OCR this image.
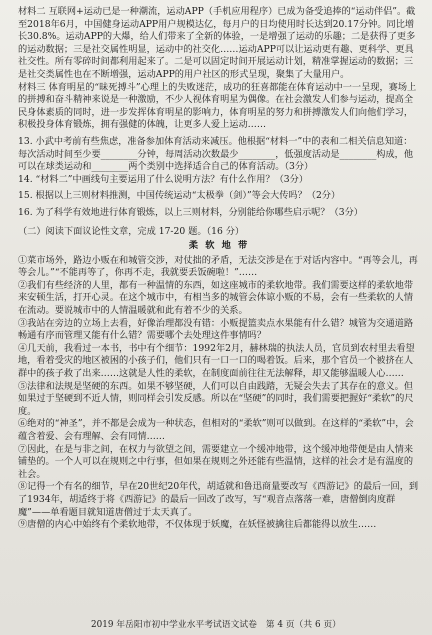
材料二 互联网+运动已是一种潮流，运动APP（手机应用程序）已成为备受追捧的“运动伴侣”。截至2018年6月，中国健身运动APP用户规模达亿，每月户的日均使用时长达到20.17分钟。同比增长30.8%。运动APP的大爆，给人们带来了全新的体验，一是增强了运动的乐趣；二是获得了更多的运动数据；三是社交属性明显，运动中的社交化……运动APP可以让运动更有趣、更科学、更具社交性。所有零碎时间都利用起来了。二是可以固定时间开展运动计划，精准掌握运动的数据；三是社交类属性也在不断增强，运动APP的用户社区的形式呈现，聚集了大量用户。

材料三 体育明星的“昧死搏斗”心理上的失败迷茫，成功的狂喜都能在体育运动中一一呈现，赛场上的拼搏和奋斗精神来说是一种激励，不少人视体育明星为偶像。在社会激发人们参与运动，提高全民身体素质的同时，进一步发挥体育明星的影响力，体育明星的努力和拼搏激发人们向他们学习，积极投身体育锻炼，拥有强健的体魄，让更多人爱上运动……

13. 小武中考前有些焦虑，准备参加体育活动来减压。他根据“材料一”中的表和二相关信息知道：每次活动时间至少要________分钟，每周活动次数最少________，低强度活动是________构成，他可以在球类运动和________两个类别中选择适合自己的体育活动。（3分）

14. “材料二”中画线句主要运用了什么说明方法？有什么作用？（3分）

15. 根据以上三则材料推测，中国传统运动“太极拳（剑）”等会大传吗？（2分）

16. 为了科学有效地进行体育锻炼，以上三则材料，分别能给你哪些启示呢？（3分）

（二）阅读下面议论性文章，完成 17-20 题。（16 分）
柔 软 地 带

①菜市场外，路边小贩在和城管交涉，对仗拙的矛盾，无法交涉是在于对话内容中。“再等会儿，再等会儿。”“不能再等了，你再不走，我就要丢饭碗啦！”……

②我们有些经济的人里，都有一种温情的东西，如这座城市的柔软地带。我们需要这样的柔软地带来安顿生活，打开心灵。在这个城市中，有相当多的城管会体谅小贩的不易，会有一些柔软的人情在流动。要说城市中的人情温暖就和此有着不少的关系。

③我站在旁边的立场上去看，好像治理都没有错：小贩提篮卖点水果能有什么错？城管为交通道路畅通有序而管理又能有什么错？需要哪个去处理这件事情吗？

④几天前，我看过一本书，书中有个细节：1992年2月，赫林瑞的执法人员，官员到农村里去看望地，看着受灾的地区被困的小孩子们，他们只有一口一口的喝着饭。后来，那个官员一个被挤在人群中的孩子救了出来……这就是人性的柔软，在制度面前往往无法解释，却又能够温暖人心……

⑤法律和法规是坚硬的东西。如果不够坚硬，人们可以自由践踏，无疑会失去了其存在的意义。但如果过于坚硬到不近人情，则同样会引发反感。所以在“坚硬”的同时，我们需要把握好“柔软”的尺度。

⑥绝对的“神圣”，并不都是会成为一种状态，但相对的“柔软”则可以做到。在这样的“柔软”中，会蕴含着爱、会有理解、会有同情……

⑦因此，在是与非之间，在权力与欲望之间，需要建立一个缓冲地带，这个缓冲地带便是由人情来铺垫的。一个人可以在规则之中行事，但如果在规则之外还能有些温情，这样的社会才是有温度的社会。

⑧记得一个有名的细节，早在20世纪20年代，胡适就和鲁迅商量要改写《西游记》的最后一回，到了1934年，胡适终于将《西游记》的最后一回改了改写，写“观音点落落一难，唐僧倒肉度群魔”——单看题目就知道唐僧过于太天真了。

⑨唐僧的内心中始终有个柔软地带，不仅体现于妖魔，在妖怪被擒往后都能得以放生……

2019 年岳阳市初中学业水平考试语文试卷　第 4 页（共 6 页）
